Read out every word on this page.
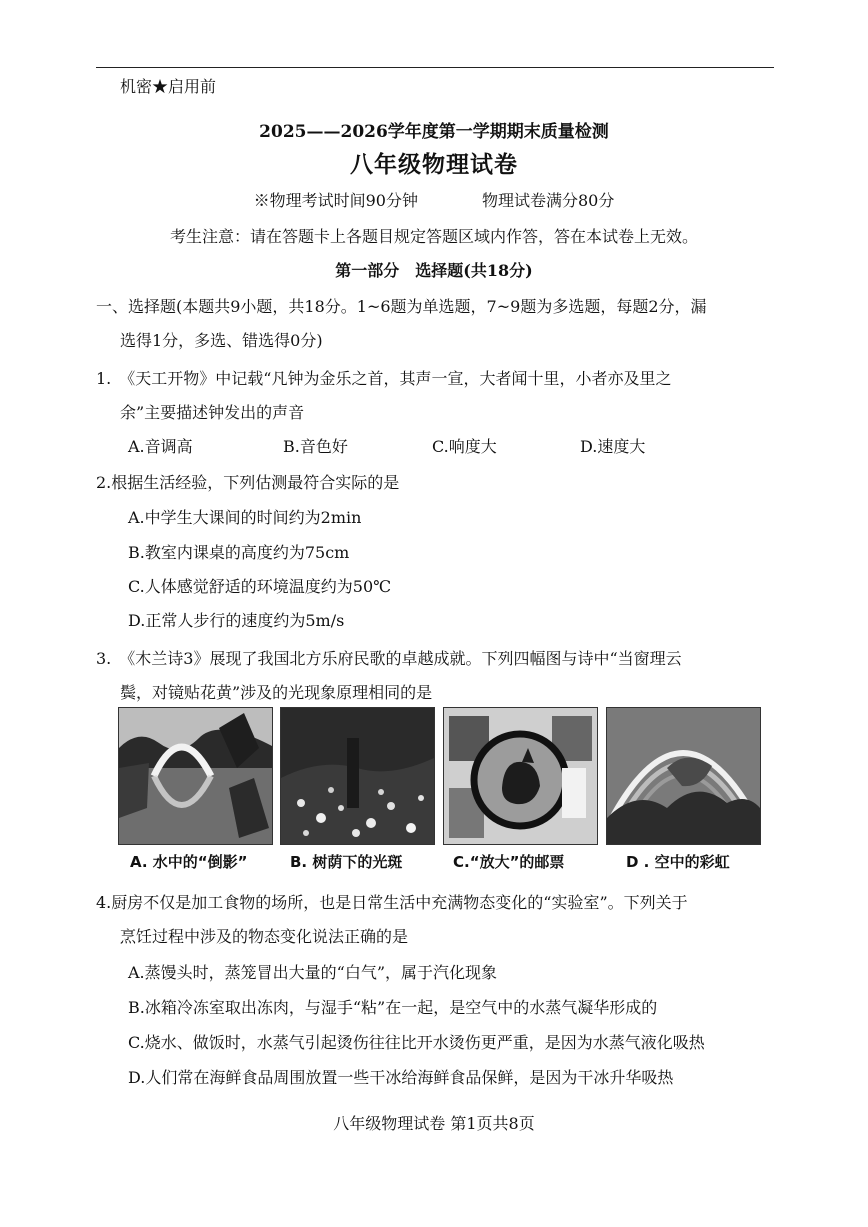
机密★启用前
2025——2026学年度第一学期期末质量检测
八年级物理试卷
※物理考试时间90分钟	物理试卷满分80分
考生注意：请在答题卡上各题目规定答题区域内作答，答在本试卷上无效。
第一部分　选择题(共18分)
一、选择题(本题共9小题，共18分。1~6题为单选题，7~9题为多选题，每题2分，漏
选得1分，多选、错选得0分)
1.　《天工开物》中记载“凡钟为金乐之首，其声一宣，大者闻十里，小者亦及里之
余”主要描述钟发出的声音
A.音调高	B.音色好	C.响度大	D.速度大
2.根据生活经验，下列估测最符合实际的是
A.中学生大课间的时间约为2min
B.教室内课桌的高度约为75cm
C.人体感觉舒适的环境温度约为50℃
D.正常人步行的速度约为5m/s
3.　《木兰诗3》展现了我国北方乐府民歌的卓越成就。下列四幅图与诗中“当窗理云
鬓，对镜贴花黄”涉及的光现象原理相同的是
A. 水中的“倒影”	B. 树荫下的光斑	C.“放大”的邮票	D . 空中的彩虹
4.厨房不仅是加工食物的场所，也是日常生活中充满物态变化的“实验室”。下列关于
烹饪过程中涉及的物态变化说法正确的是
A.蒸馒头时，蒸笼冒出大量的“白气”，属于汽化现象
B.冰箱冷冻室取出冻肉，与湿手“粘”在一起，是空气中的水蒸气凝华形成的
C.烧水、做饭时，水蒸气引起烫伤往往比开水烫伤更严重，是因为水蒸气液化吸热
D.人们常在海鲜食品周围放置一些干冰给海鲜食品保鲜，是因为干冰升华吸热
八年级物理试卷 第1页共8页
